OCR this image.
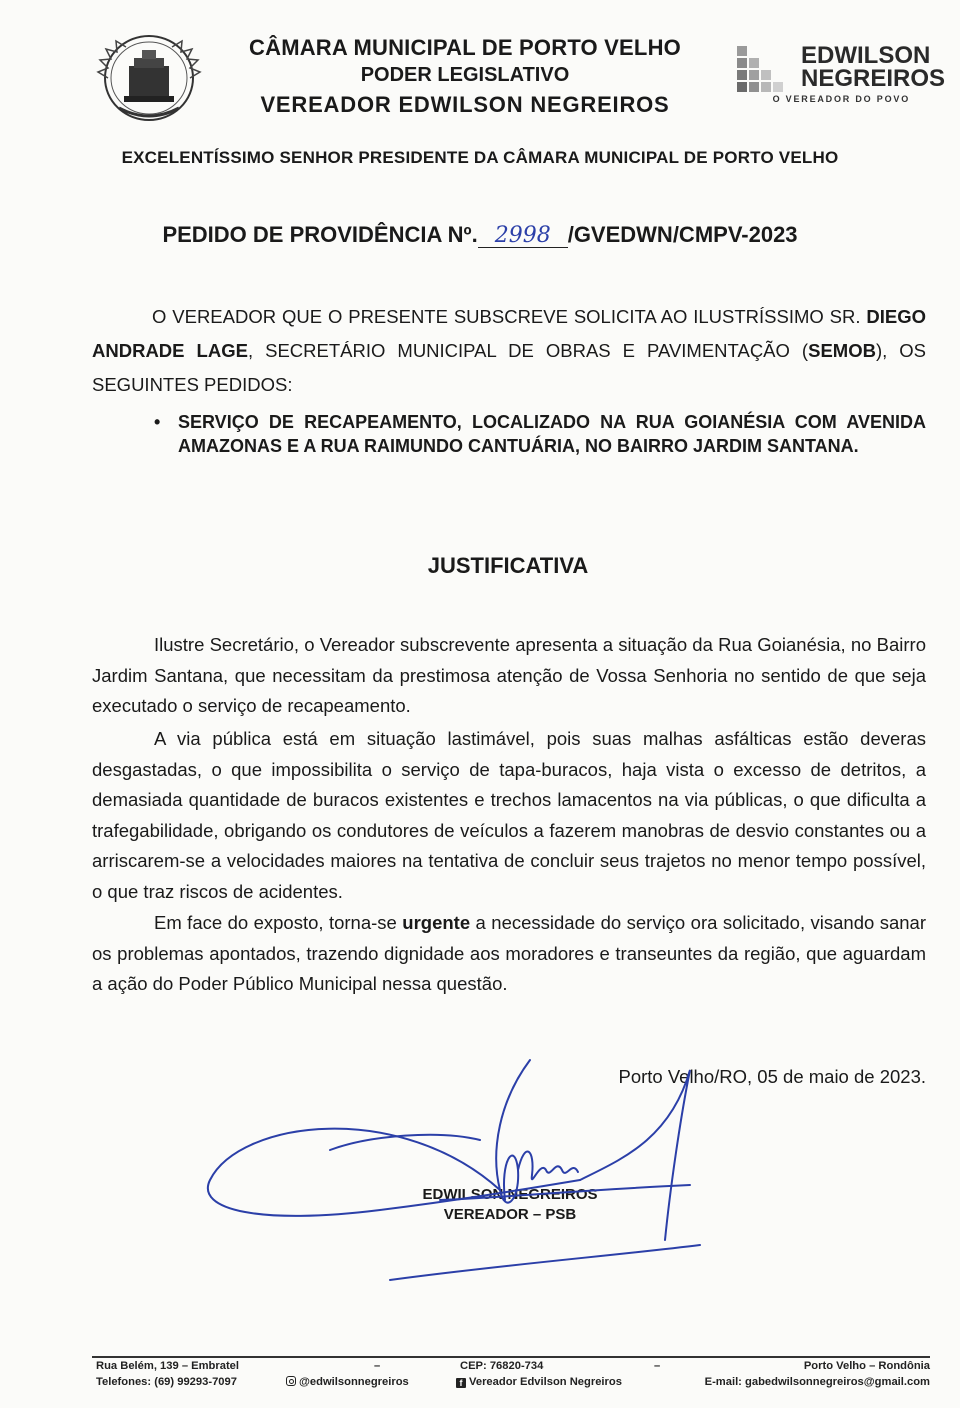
CÂMARA MUNICIPAL DE PORTO VELHO
PODER LEGISLATIVO
VEREADOR EDWILSON NEGREIROS
EDWILSON
NEGREIROS
O VEREADOR DO POVO
EXCELENTÍSSIMO SENHOR PRESIDENTE DA CÂMARA MUNICIPAL DE PORTO VELHO
PEDIDO DE PROVIDÊNCIA Nº. 2998 /GVEDWN/CMPV-2023
O VEREADOR QUE O PRESENTE SUBSCREVE SOLICITA AO ILUSTRÍSSIMO SR. DIEGO ANDRADE LAGE, SECRETÁRIO MUNICIPAL DE OBRAS E PAVIMENTAÇÃO (SEMOB), OS SEGUINTES PEDIDOS:
• SERVIÇO DE RECAPEAMENTO, LOCALIZADO NA RUA GOIANÉSIA COM AVENIDA AMAZONAS E A RUA RAIMUNDO CANTUÁRIA, NO BAIRRO JARDIM SANTANA.
JUSTIFICATIVA
Ilustre Secretário, o Vereador subscrevente apresenta a situação da Rua Goianésia, no Bairro Jardim Santana, que necessitam da prestimosa atenção de Vossa Senhoria no sentido de que seja executado o serviço de recapeamento.
A via pública está em situação lastimável, pois suas malhas asfálticas estão deveras desgastadas, o que impossibilita o serviço de tapa-buracos, haja vista o excesso de detritos, a demasiada quantidade de buracos existentes e trechos lamacentos na via públicas, o que dificulta a trafegabilidade, obrigando os condutores de veículos a fazerem manobras de desvio constantes ou a arriscarem-se a velocidades maiores na tentativa de concluir seus trajetos no menor tempo possível, o que traz riscos de acidentes.
Em face do exposto, torna-se urgente a necessidade do serviço ora solicitado, visando sanar os problemas apontados, trazendo dignidade aos moradores e transeuntes da região, que aguardam a ação do Poder Público Municipal nessa questão.
Porto Velho/RO, 05 de maio de 2023.
EDWILSON NEGREIROS
VEREADOR – PSB
Rua Belém, 139 – Embratel	–	CEP: 76820-734	–	Porto Velho – Rondônia
Telefones: (69) 99293-7097	@edwilsonnegreiros	f Vereador Edvilson Negreiros	E-mail: gabedwilsonnegreiros@gmail.com
